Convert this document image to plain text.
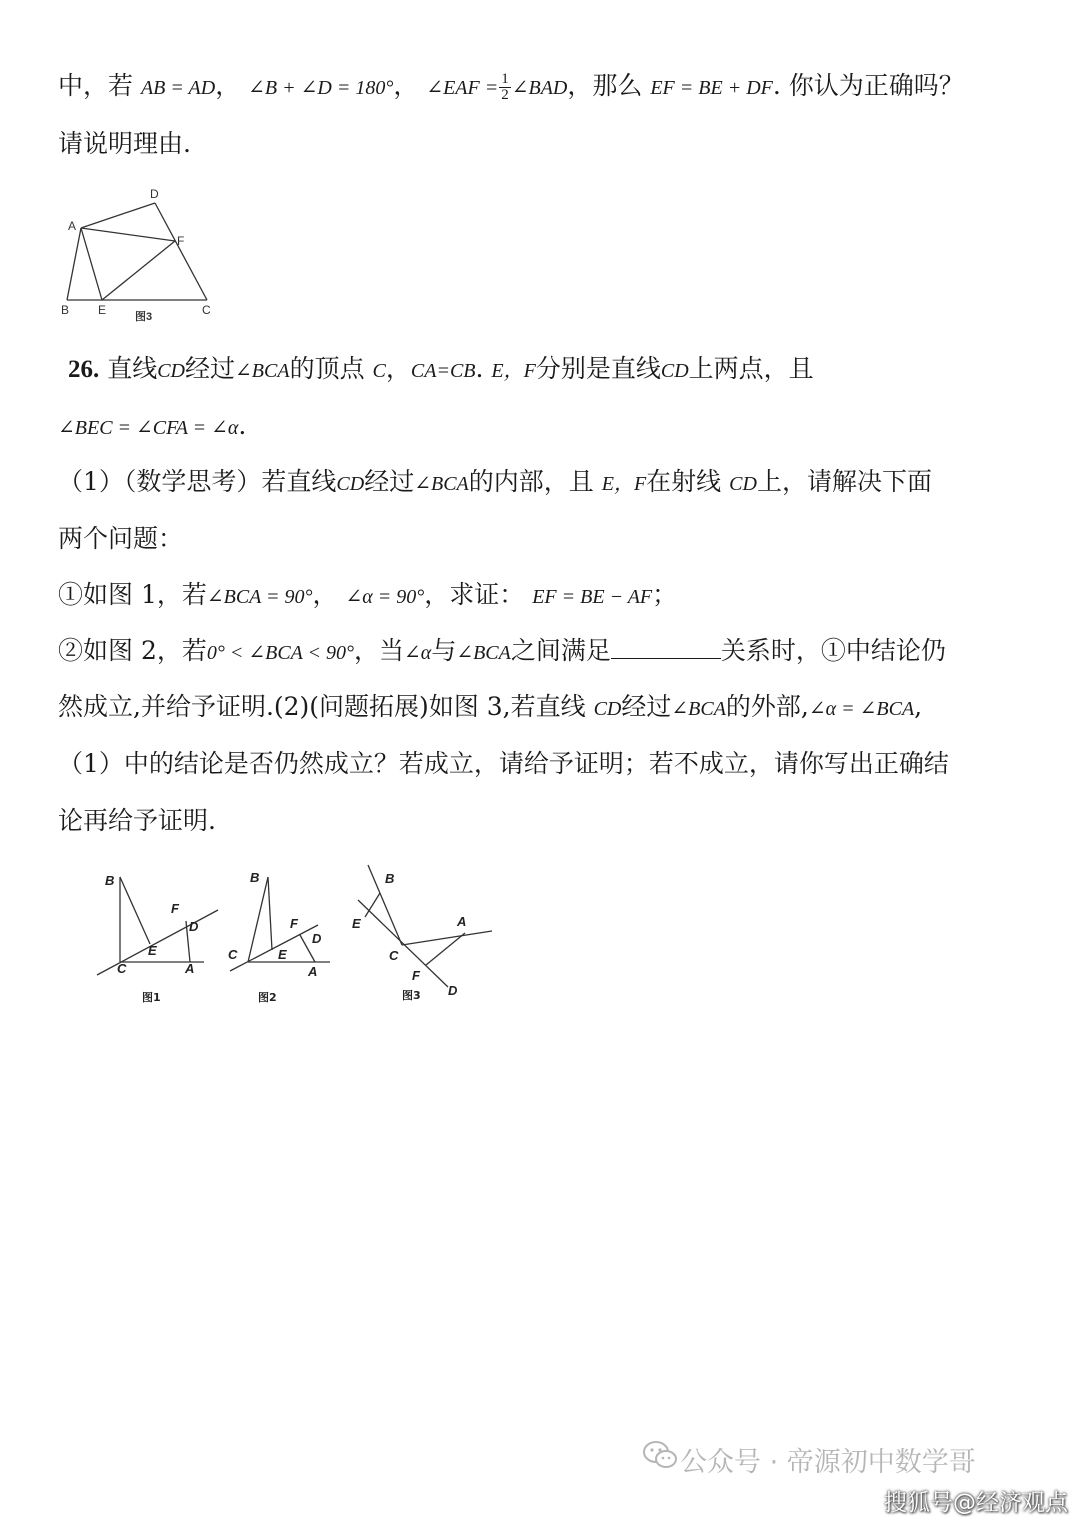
中，若 AB = AD， ∠B + ∠D = 180°， ∠EAF = $\frac{1}{2}$ ∠BAD，那么 EF = BE + DF. 你认为正确吗？
请说明理由.
D
A
F
B E	C
图3
26. 直线CD经过∠BCA的顶点 C，CA=CB. E，F分别是直线CD上两点，且
∠BEC = ∠CFA = ∠α.
（1）（数学思考）若直线CD经过∠BCA的内部，且 E，F在射线 CD上，请解决下面
两个问题：
①如图 1，若∠BCA = 90°， ∠α = 90°，求证： EF = BE − AF；
②如图 2，若0° < ∠BCA < 90°，当∠α与∠BCA之间满足	关系时，①中结论仍
然成立,并给予证明.(2)(问题拓展)如图 3,若直线 CD经过∠BCA的外部,∠α = ∠BCA,
（1）中的结论是否仍然成立？若成立，请给予证明；若不成立，请你写出正确结
论再给予证明.
B
F
D
E
C	A
图1
B
F
D
C	E
A
图2
B
E	A
C
F
D
图3
公众号 · 帝源初中数学哥
搜狐号@经济观点
